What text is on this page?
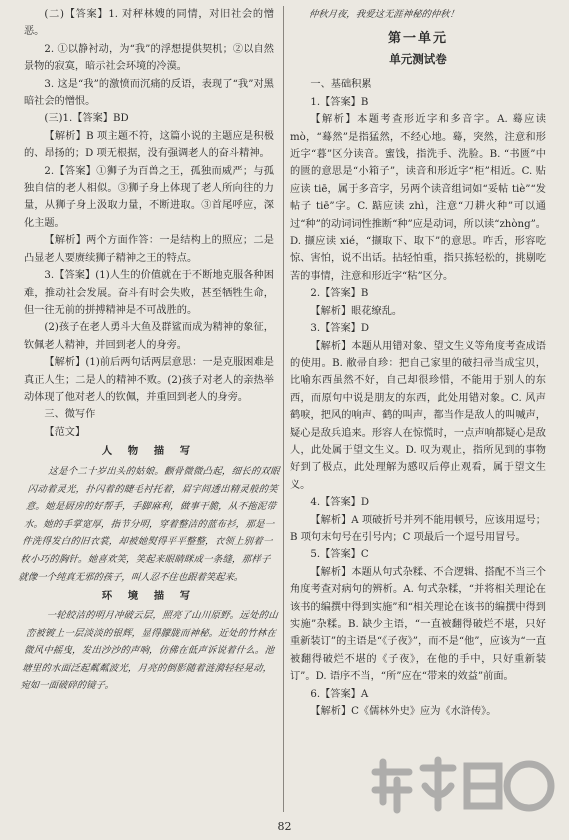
(二)【答案】1. 对秤林嫂的同情，对旧社会的憎恶。

2. ①以静衬动，为“我”的浮想提供契机；②以自然景物的寂寞，暗示社会环境的冷漠。

3. 这是“我”的激愤而沉痛的反语，表现了“我”对黑暗社会的憎恨。

(三)1.【答案】BD

【解析】B 项主题不符，这篇小说的主题应是积极的、昂扬的；D 项无根据，没有强调老人的奋斗精神。

2.【答案】①狮子为百兽之王，孤独而威严；与孤独自信的老人相似。③狮子身上体现了老人所向往的力量，从狮子身上汲取力量，不断进取。③首尾呼应，深化主题。

【解析】两个方面作答：一是结构上的照应；二是凸显老人要赓续狮子精神之王的特点。

3.【答案】(1)人生的价值就在于不断地克服各种困难，推动社会发展。奋斗有时会失败，甚至牺牲生命，但一往无前的拼搏精神是不可战胜的。

(2)孩子在老人勇斗大鱼及群鲨而成为精神的象征，钦佩老人精神，并回到老人的身旁。

【解析】(1)前后两句话两层意思：一是克服困难是真正人生；二是人的精神不败。(2)孩子对老人的亲热举动体现了他对老人的钦佩，并重回到老人的身旁。

三、微写作

【范文】

人 物 描 写

这是个二十岁出头的姑娘。颧骨微微凸起，细长的双眼闪动着灵光，扑闪着的睫毛衬托着，眉宇间透出精灵般的笑意。她是厨房的好帮手，手脚麻利，做事干脆，从不拖泥带水。她的手掌宽厚，指节分明，穿着整洁的蓝布衫，那是一件洗得发白的旧衣裳，却被她熨得平平整整，衣领上别着一枚小巧的胸针。她喜欢笑，笑起来眼睛眯成一条缝，那样子就像一个纯真无邪的孩子，叫人忍不住也跟着笑起来。

环 境 描 写

一轮皎洁的明月冲破云层，照亮了山川原野。远处的山峦被镀上一层淡淡的银辉，显得朦胧而神秘。近处的竹林在微风中摇曳，发出沙沙的声响，仿佛在低声诉说着什么。池塘里的水面泛起粼粼波光，月亮的倒影随着涟漪轻轻晃动，宛如一面破碎的镜子。

仲秋月夜，我爱这无涯神秘的仲秋！

第一单元
单元测试卷

一、基础积累

1.【答案】B

【解析】本题考查形近字和多音字。A. 蓦应读 mò，“蓦然”是指猛然，不经心地。蓦，突然，注意和形近字“暮”区分读音。蜜饯，指洗手、洗脸。B. “书匮”中的匮的意思是“小箱子”，读音和形近字“柜”相近。C. 贴应读 tiē，属于多音字，另两个读音组词如“妥帖 tiè”“发帖子 tiē”字。C. 踮应读 zhì，注意“刀耕火种”可以通过“种”的动词词性推断“种”应是动词，所以读“zhòng”。D. 撷应读 xié，“撷取下、取下”的意思。咋舌，形容吃惊、害怕，说不出话。拈轻怕重，指只拣轻松的，挑剔吃苦的事情，注意和形近字“粘”区分。

2.【答案】B

【解析】眼花缭乱。

3.【答案】D

【解析】本题从用错对象、望文生义等角度考查成语的使用。B. 敝帚自珍：把自己家里的破扫帚当成宝贝，比喻东西虽然不好，自己却很珍惜，不能用于别人的东西，而原句中说是朋友的东西，此处用错对象。C. 风声鹤唳，把风的响声、鹤的叫声，都当作是敌人的叫喊声，疑心是敌兵追来。形容人在惊慌时，一点声响都疑心是敌人，此处属于望文生义。D. 叹为观止，指所见到的事物好到了极点，此处理解为感叹后停止观看，属于望文生义。

4.【答案】D

【解析】A 项破折号并列不能用顿号，应该用逗号；B 项句末句号在引号内；C 项最后一个逗号用冒号。

5.【答案】C

【解析】本题从句式杂糅、不合逻辑、搭配不当三个角度考查对病句的辨析。A. 句式杂糅，“并将相关理论在该书的编撰中得到实施”和“相关理论在该书的编撰中得到实施”杂糅。B. 缺少主语，“一直被翻得破烂不堪，只好重新装订”的主语是“《子夜》”，而不是“他”，应该为“一直被翻得破烂不堪的《子夜》，在他的手中，只好重新装订”。D. 语序不当，“所”应在“带来的效益”前面。

6.【答案】A

【解析】C《儒林外史》应为《水浒传》。

82
